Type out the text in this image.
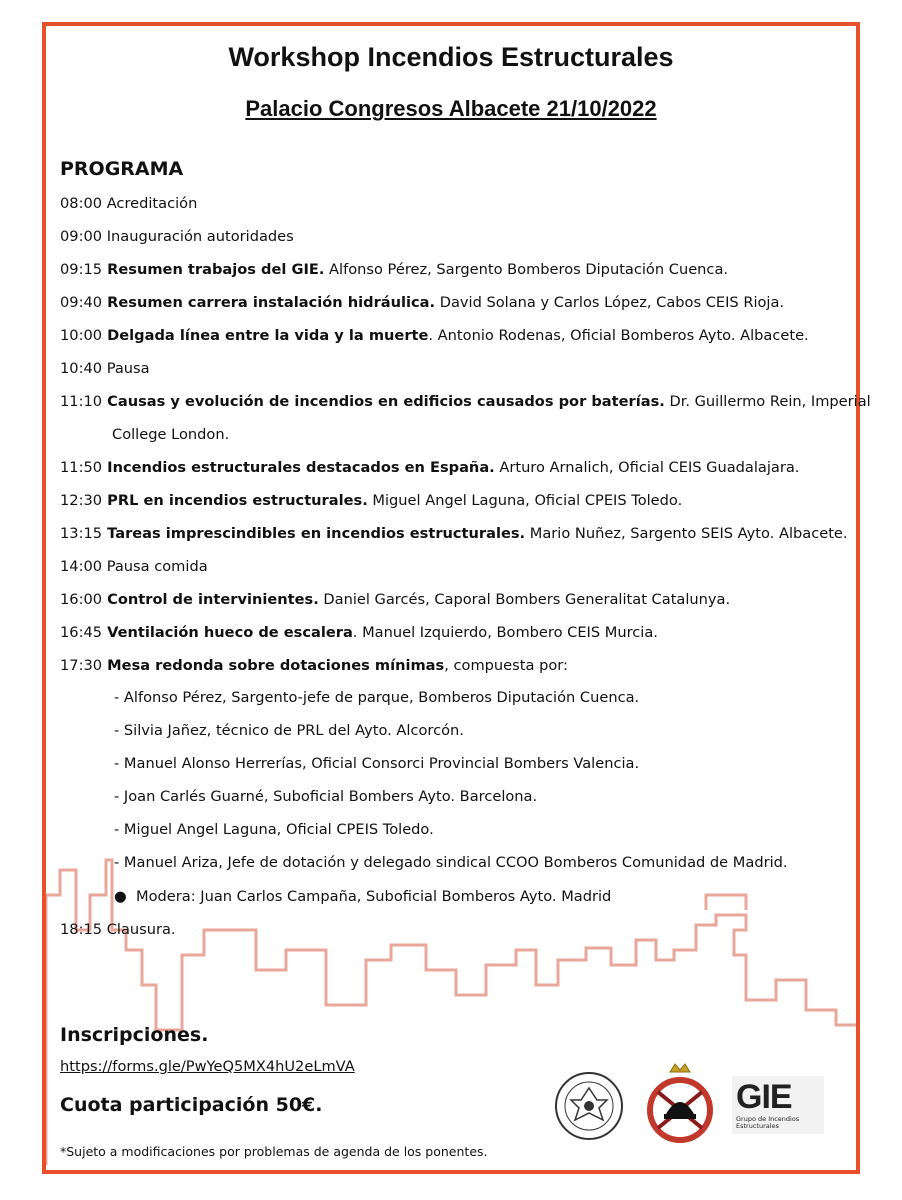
Workshop Incendios Estructurales
Palacio Congresos Albacete 21/10/2022
PROGRAMA
08:00 Acreditación
09:00 Inauguración autoridades
09:15 Resumen trabajos del GIE. Alfonso Pérez, Sargento Bomberos Diputación Cuenca.
09:40 Resumen carrera instalación hidráulica. David Solana y Carlos López, Cabos CEIS Rioja.
10:00 Delgada línea entre la vida y la muerte. Antonio Rodenas, Oficial Bomberos Ayto. Albacete.
10:40 Pausa
11:10 Causas y evolución de incendios en edificios causados por baterías. Dr. Guillermo Rein, Imperial
11:50 Incendios estructurales destacados en España. Arturo Arnalich, Oficial CEIS Guadalajara.
12:30 PRL en incendios estructurales. Miguel Angel Laguna, Oficial CPEIS Toledo.
13:15 Tareas imprescindibles en incendios estructurales. Mario Nuñez, Sargento SEIS Ayto. Albacete.
14:00 Pausa comida
16:00 Control de intervinientes. Daniel Garcés, Caporal Bombers Generalitat Catalunya.
16:45 Ventilación hueco de escalera. Manuel Izquierdo, Bombero CEIS Murcia.
17:30 Mesa redonda sobre dotaciones mínimas, compuesta por:
College London.
- Alfonso Pérez, Sargento-jefe de parque, Bomberos Diputación Cuenca.
- Silvia Jañez, técnico de PRL del Ayto. Alcorcón.
- Manuel Alonso Herrerías, Oficial Consorci Provincial Bombers Valencia.
- Joan Carlés Guarné, Suboficial Bombers Ayto. Barcelona.
- Miguel Angel Laguna, Oficial CPEIS Toledo.
- Manuel Ariza, Jefe de dotación y delegado sindical CCOO Bomberos Comunidad de Madrid.
● Modera: Juan Carlos Campaña, Suboficial Bomberos Ayto. Madrid
18:15 Clausura.
Inscripciones.
https://forms.gle/PwYeQ5MX4hU2eLmVA
Cuota participación 50€.
*Sujeto a modificaciones por problemas de agenda de los ponentes.
GIE
Grupo de Incendios
Estructurales
